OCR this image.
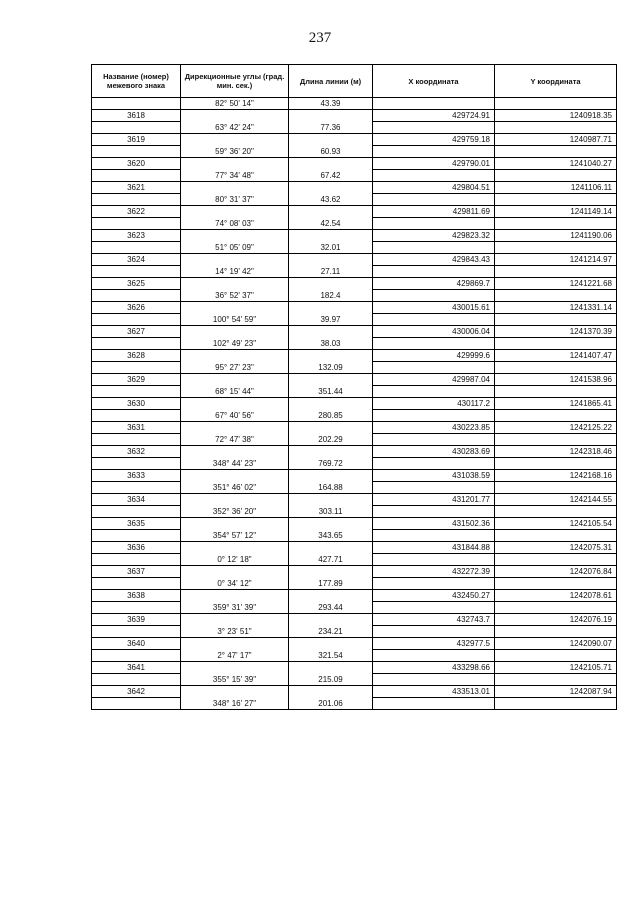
237
Название (номер) межевого знака	Дирекционные углы (град. мин. сек.)	Длина линии (м)	X координата	Y координата
	82° 50' 14"	43.39		
3618			429724.91	1240918.35
	63° 42' 24"	77.36		
3619			429759.18	1240987.71
	59° 36' 20"	60.93		
3620			429790.01	1241040.27
	77° 34' 48"	67.42		
3621			429804.51	1241106.11
	80° 31' 37"	43.62		
3622			429811.69	1241149.14
	74° 08' 03"	42.54		
3623			429823.32	1241190.06
	51° 05' 09"	32.01		
3624			429843.43	1241214.97
	14° 19' 42"	27.11		
3625			429869.7	1241221.68
	36° 52' 37"	182.4		
3626			430015.61	1241331.14
	100° 54' 59"	39.97		
3627			430006.04	1241370.39
	102° 49' 23"	38.03		
3628			429999.6	1241407.47
	95° 27' 23"	132.09		
3629			429987.04	1241538.96
	68° 15' 44"	351.44		
3630			430117.2	1241865.41
	67° 40' 56"	280.85		
3631			430223.85	1242125.22
	72° 47' 38"	202.29		
3632			430283.69	1242318.46
	348° 44' 23"	769.72		
3633			431038.59	1242168.16
	351° 46' 02"	164.88		
3634			431201.77	1242144.55
	352° 36' 20"	303.11		
3635			431502.36	1242105.54
	354° 57' 12"	343.65		
3636			431844.88	1242075.31
	0° 12' 18"	427.71		
3637			432272.39	1242076.84
	0° 34' 12"	177.89		
3638			432450.27	1242078.61
	359° 31' 39"	293.44		
3639			432743.7	1242076.19
	3° 23' 51"	234.21		
3640			432977.5	1242090.07
	2° 47' 17"	321.54		
3641			433298.66	1242105.71
	355° 15' 39"	215.09		
3642			433513.01	1242087.94
	348° 16' 27"	201.06		
